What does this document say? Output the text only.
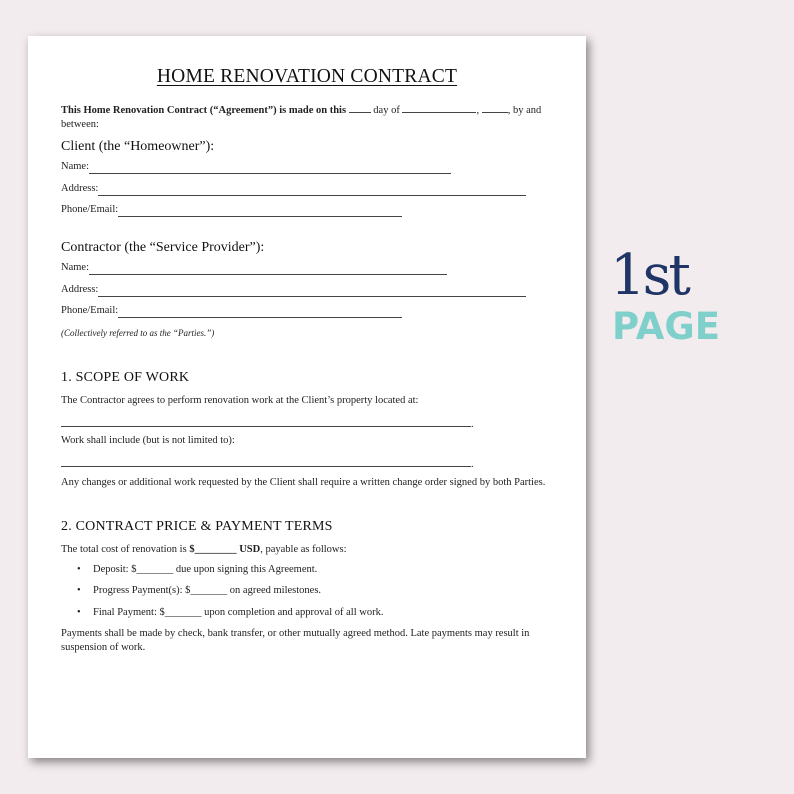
HOME RENOVATION CONTRACT

This Home Renovation Contract (“Agreement”) is made on this	day of	,	, by and
between:

Client (the “Homeowner”):
Name:
Address:
Phone/Email:
Contractor (the “Service Provider”):
Name:
Address:
Phone/Email:

(Collectively referred to as the “Parties.”)

1. SCOPE OF WORK

The Contractor agrees to perform renovation work at the Client’s property located at:

.

Work shall include (but is not limited to):

.

Any changes or additional work requested by the Client shall require a written change order signed by both Parties.

2. CONTRACT PRICE & PAYMENT TERMS

The total cost of renovation is $________ USD, payable as follows:

• Deposit: $_______ due upon signing this Agreement.
• Progress Payment(s): $_______ on agreed milestones.
• Final Payment: $_______ upon completion and approval of all work.

Payments shall be made by check, bank transfer, or other mutually agreed method. Late payments may result in suspension of work.

1st
PAGE
